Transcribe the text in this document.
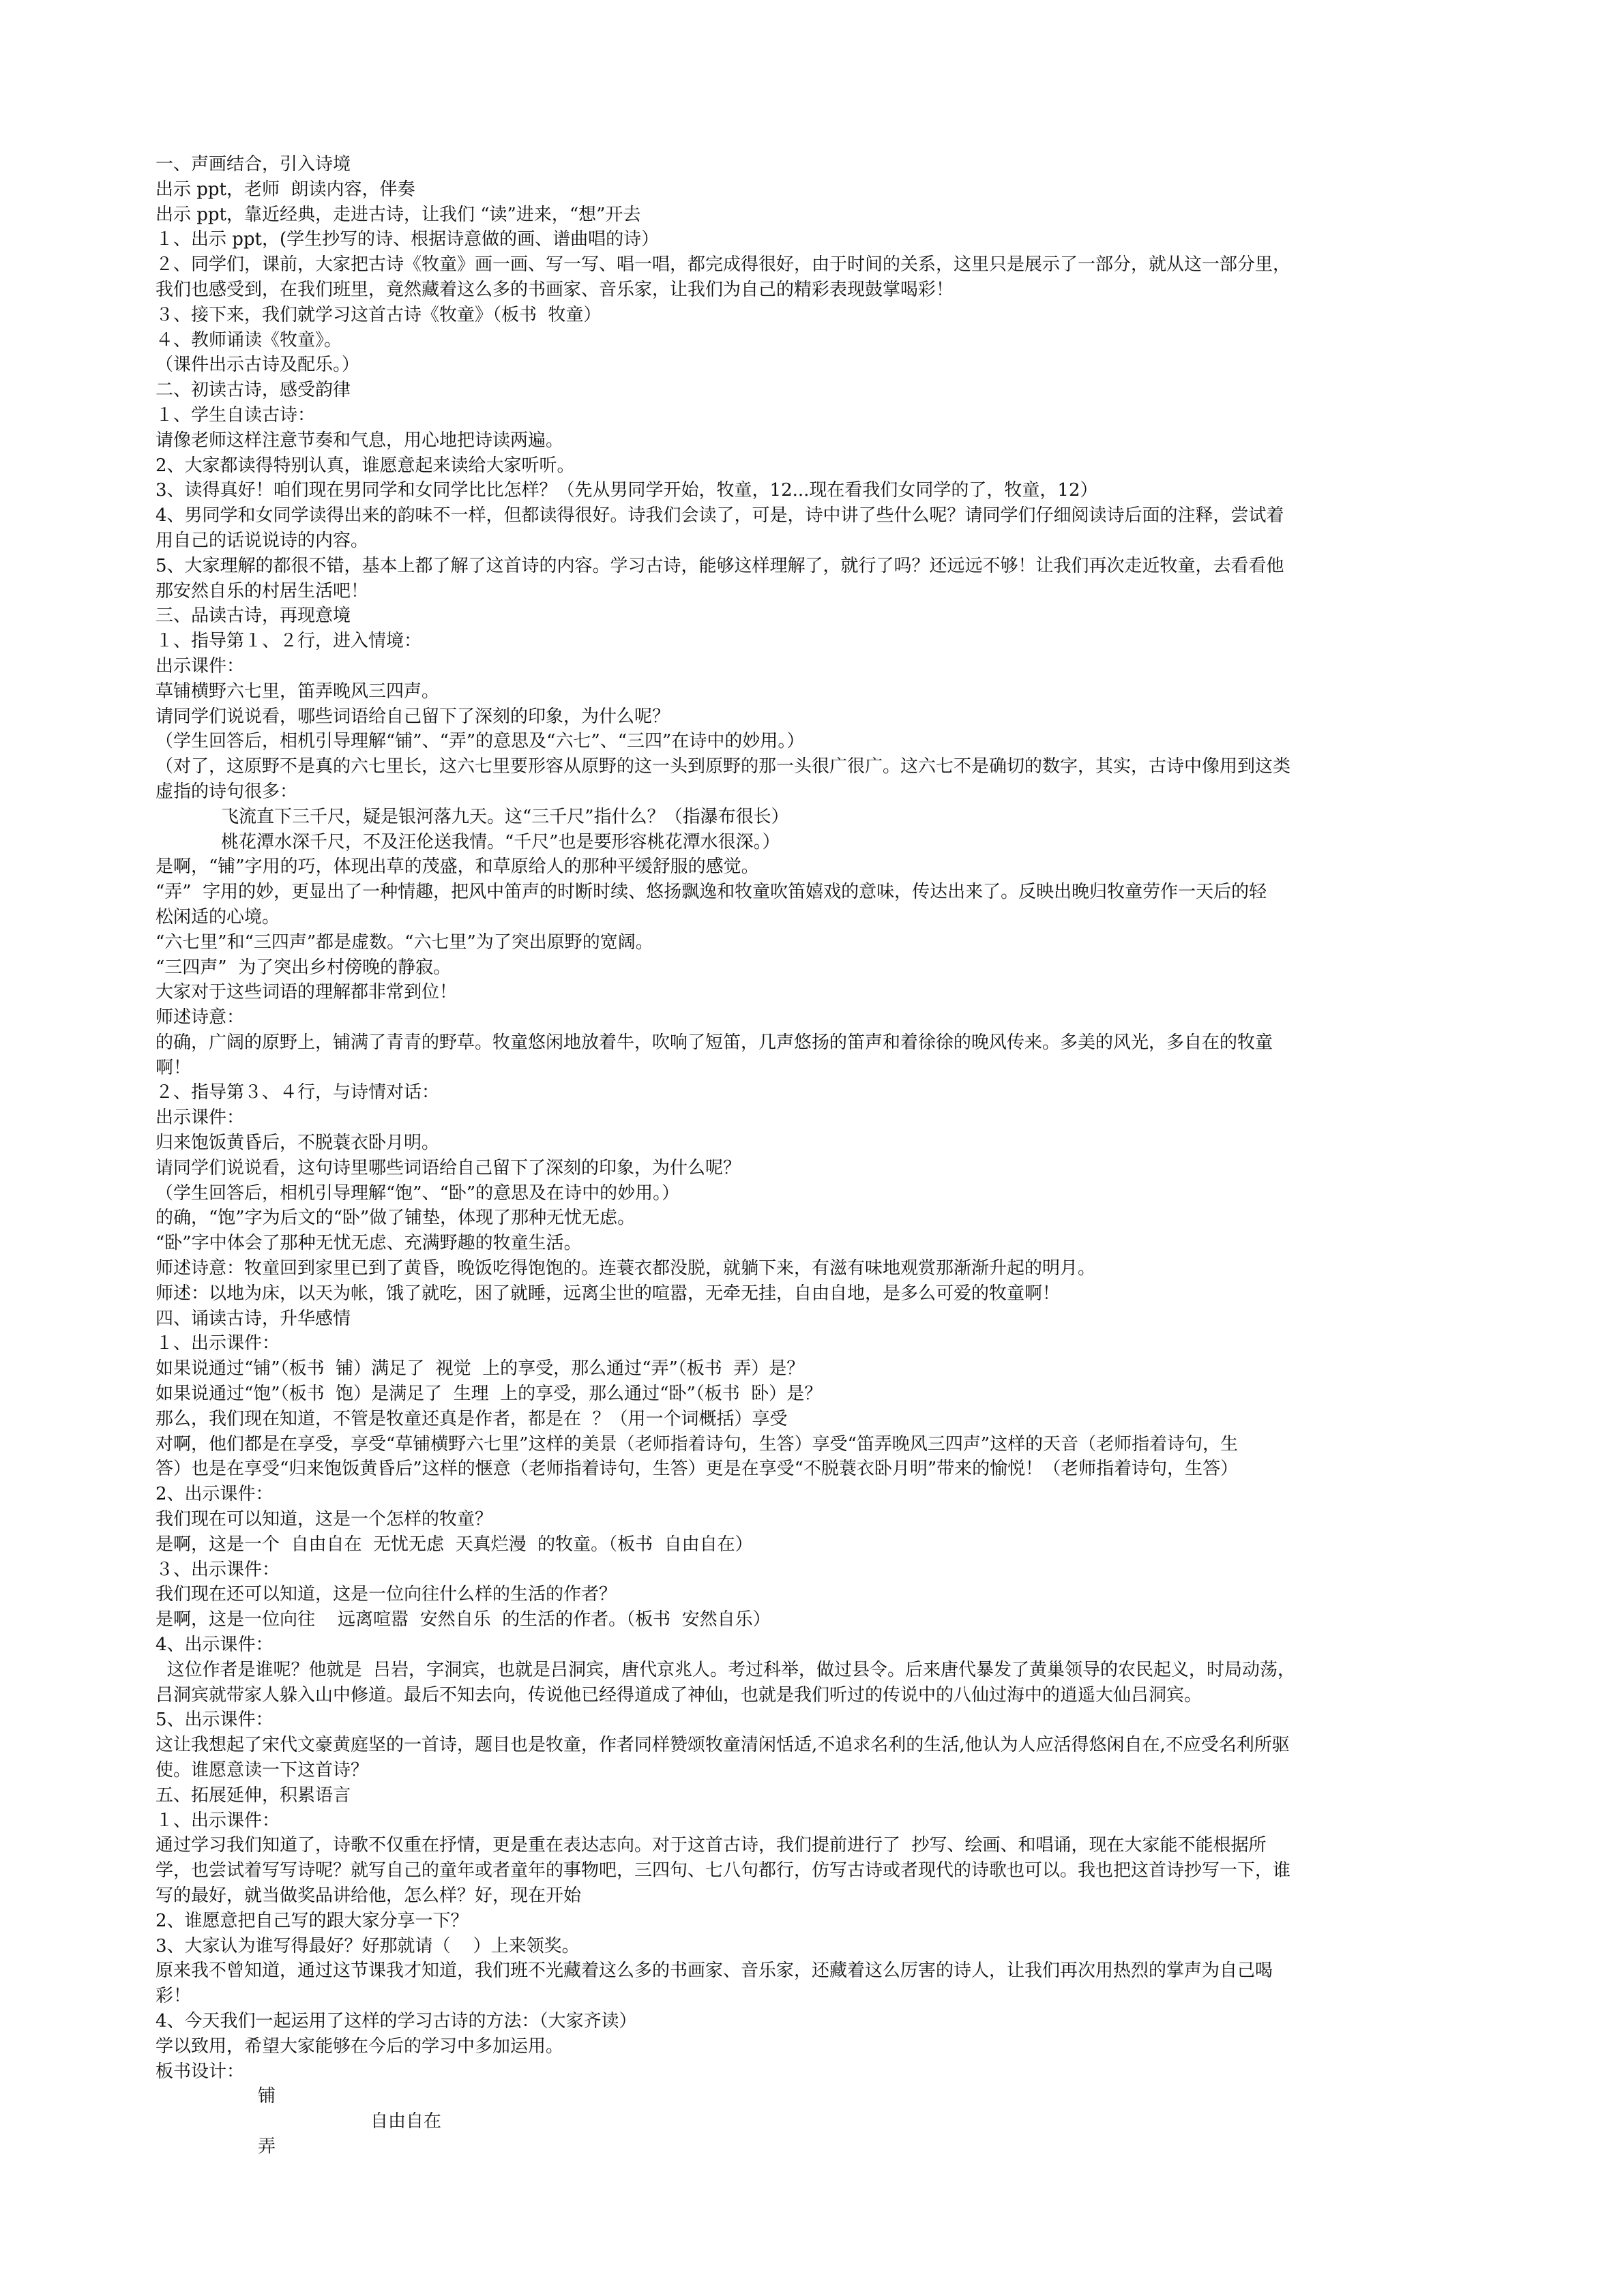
一、声画结合，引入诗境

出示 ppt，老师  朗读内容，伴奏

出示 ppt，靠近经典，走进古诗，让我们 “读”进来，“想”开去

１、出示 ppt，(学生抄写的诗、根据诗意做的画、谱曲唱的诗）

２、同学们，课前，大家把古诗《牧童》画一画、写一写、唱一唱，都完成得很好，由于时间的关系，这里只是展示了一部分，就从这一部分里，

我们也感受到，在我们班里，竟然藏着这么多的书画家、音乐家，让我们为自己的精彩表现鼓掌喝彩！

３、接下来，我们就学习这首古诗《牧童》（板书  牧童）

４、教师诵读《牧童》。

（课件出示古诗及配乐。）

二、初读古诗，感受韵律

１、学生自读古诗：

请像老师这样注意节奏和气息，用心地把诗读两遍。

2、大家都读得特别认真，谁愿意起来读给大家听听。

3、读得真好！咱们现在男同学和女同学比比怎样？（先从男同学开始，牧童，12...现在看我们女同学的了，牧童，12）

4、男同学和女同学读得出来的韵味不一样，但都读得很好。诗我们会读了，可是，诗中讲了些什么呢？请同学们仔细阅读诗后面的注释，尝试着

用自己的话说说诗的内容。

5、大家理解的都很不错，基本上都了解了这首诗的内容。学习古诗，能够这样理解了，就行了吗？还远远不够！让我们再次走近牧童，去看看他

那安然自乐的村居生活吧！

三、品读古诗，再现意境

１、指导第１、２行，进入情境：

出示课件：

草铺横野六七里，笛弄晚风三四声。

请同学们说说看，哪些词语给自己留下了深刻的印象，为什么呢？

（学生回答后，相机引导理解“铺”、“弄”的意思及“六七”、“三四”在诗中的妙用。）

（对了，这原野不是真的六七里长，这六七里要形容从原野的这一头到原野的那一头很广很广。这六七不是确切的数字，其实，古诗中像用到这类

虚指的诗句很多：

飞流直下三千尺，疑是银河落九天。这“三千尺”指什么？（指瀑布很长）

桃花潭水深千尺，不及汪伦送我情。“千尺”也是要形容桃花潭水很深。）

是啊，“铺”字用的巧，体现出草的茂盛，和草原给人的那种平缓舒服的感觉。

“弄”  字用的妙，更显出了一种情趣，把风中笛声的时断时续、悠扬飘逸和牧童吹笛嬉戏的意味，传达出来了。反映出晚归牧童劳作一天后的轻

松闲适的心境。

“六七里”和“三四声”都是虚数。“六七里”为了突出原野的宽阔。

“三四声”  为了突出乡村傍晚的静寂。

大家对于这些词语的理解都非常到位！

师述诗意：

的确，广阔的原野上，铺满了青青的野草。牧童悠闲地放着牛，吹响了短笛，几声悠扬的笛声和着徐徐的晚风传来。多美的风光，多自在的牧童

啊！

２、指导第３、４行，与诗情对话：

出示课件：

归来饱饭黄昏后，不脱蓑衣卧月明。

请同学们说说看，这句诗里哪些词语给自己留下了深刻的印象，为什么呢？

（学生回答后，相机引导理解“饱”、“卧”的意思及在诗中的妙用。）

的确，“饱”字为后文的“卧”做了铺垫，体现了那种无忧无虑。

“卧”字中体会了那种无忧无虑、充满野趣的牧童生活。

师述诗意：牧童回到家里已到了黄昏，晚饭吃得饱饱的。连蓑衣都没脱，就躺下来，有滋有味地观赏那渐渐升起的明月。

师述：以地为床，以天为帐，饿了就吃，困了就睡，远离尘世的喧嚣，无牵无挂，自由自地，是多么可爱的牧童啊！

四、诵读古诗，升华感情

１、出示课件：

如果说通过“铺”（板书  铺）满足了  视觉  上的享受，那么通过“弄”（板书  弄）是？

如果说通过“饱”（板书  饱）是满足了  生理  上的享受，那么通过“卧”（板书  卧）是？

那么，我们现在知道，不管是牧童还真是作者，都是在  ？（用一个词概括）享受

对啊，他们都是在享受，享受“草铺横野六七里”这样的美景（老师指着诗句，生答）享受“笛弄晚风三四声”这样的天音（老师指着诗句，生

答）也是在享受“归来饱饭黄昏后”这样的惬意（老师指着诗句，生答）更是在享受“不脱蓑衣卧月明”带来的愉悦！（老师指着诗句，生答）

2、出示课件：

我们现在可以知道，这是一个怎样的牧童？

是啊，这是一个  自由自在  无忧无虑  天真烂漫  的牧童。（板书  自由自在）

３、出示课件：

我们现在还可以知道，这是一位向往什么样的生活的作者？

是啊，这是一位向往    远离喧嚣  安然自乐  的生活的作者。（板书  安然自乐）

4、出示课件：

这位作者是谁呢？他就是  吕岩，字洞宾，也就是吕洞宾，唐代京兆人。考过科举，做过县令。后来唐代暴发了黄巢领导的农民起义，时局动荡，

吕洞宾就带家人躲入山中修道。最后不知去向，传说他已经得道成了神仙，也就是我们听过的传说中的八仙过海中的逍遥大仙吕洞宾。

5、出示课件：

这让我想起了宋代文豪黄庭坚的一首诗，题目也是牧童，作者同样赞颂牧童清闲恬适,不追求名利的生活,他认为人应活得悠闲自在,不应受名利所驱

使。谁愿意读一下这首诗？

五、拓展延伸，积累语言

１、出示课件：

通过学习我们知道了，诗歌不仅重在抒情，更是重在表达志向。对于这首古诗，我们提前进行了  抄写、绘画、和唱诵，现在大家能不能根据所

学，也尝试着写写诗呢？就写自己的童年或者童年的事物吧，三四句、七八句都行，仿写古诗或者现代的诗歌也可以。我也把这首诗抄写一下，谁

写的最好，就当做奖品讲给他，怎么样？好，现在开始

2、谁愿意把自己写的跟大家分享一下？

3、大家认为谁写得最好？好那就请（    ）上来领奖。

原来我不曾知道，通过这节课我才知道，我们班不光藏着这么多的书画家、音乐家，还藏着这么厉害的诗人，让我们再次用热烈的掌声为自己喝

彩！

4、今天我们一起运用了这样的学习古诗的方法：（大家齐读）

学以致用，希望大家能够在今后的学习中多加运用。

板书设计：

铺

自由自在

弄
